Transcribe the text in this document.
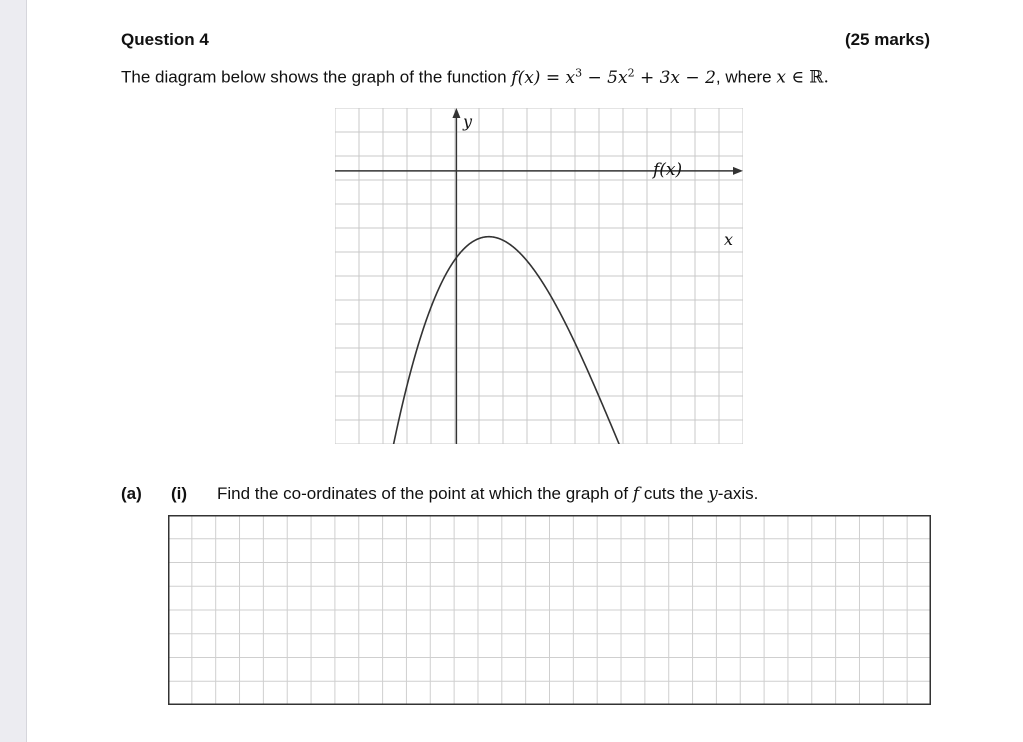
Question 4	(25 marks)
The diagram below shows the graph of the function $f(x) = x^3 - 5x^2 + 3x - 2$, where x ∈ ℝ.
y
x
f(x)
(a) (i) Find the co-ordinates of the point at which the graph of f cuts the y-axis.
